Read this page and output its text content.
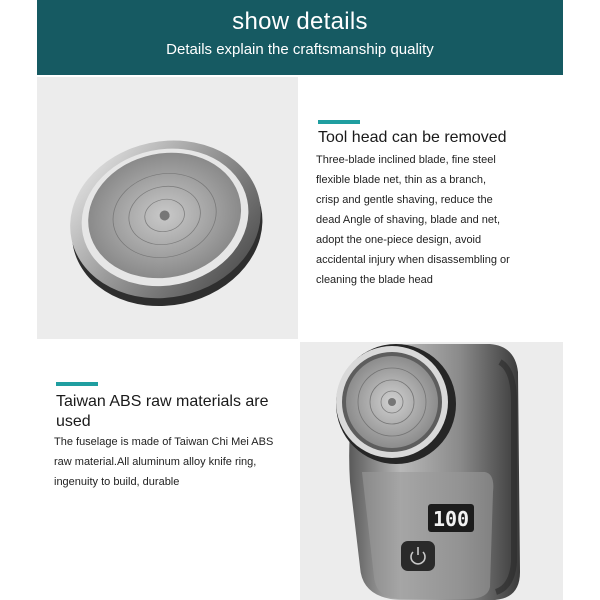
show details
Details explain the craftsmanship quality
Tool head can be removed
Three-blade inclined blade, fine steel
flexible blade net, thin as a branch,
crisp and gentle shaving, reduce the
dead Angle of shaving, blade and net,
adopt the one-piece design, avoid
accidental injury when disassembling or
cleaning the blade head
Taiwan ABS raw materials are
used
The fuselage is made of Taiwan Chi Mei ABS
raw material.All aluminum alloy knife ring,
ingenuity to build, durable
100
